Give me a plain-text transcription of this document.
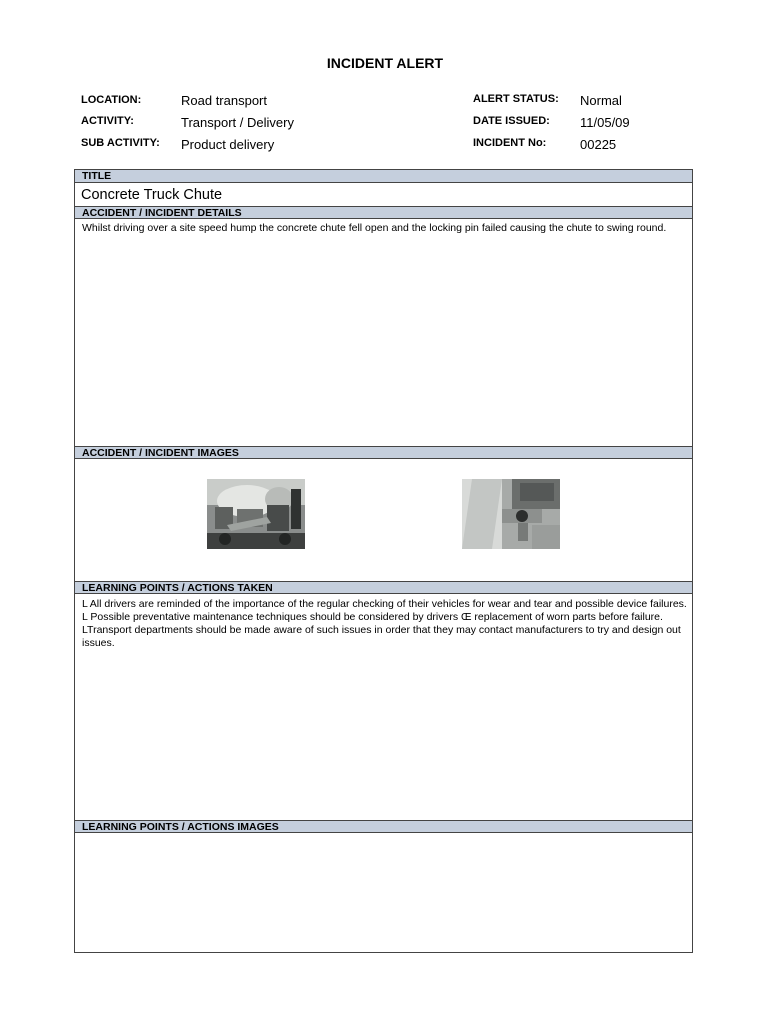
INCIDENT ALERT
LOCATION:	Road transport
ACTIVITY:	Transport / Delivery
SUB ACTIVITY: Product delivery
ALERT STATUS: Normal
DATE ISSUED: 11/05/09
INCIDENT No:	00225
TITLE
Concrete Truck Chute
ACCIDENT / INCIDENT DETAILS
Whilst driving over a site speed hump the concrete chute fell open and the locking pin failed causing the chute to swing round.
ACCIDENT / INCIDENT IMAGES
LEARNING POINTS / ACTIONS TAKEN
L All drivers are reminded of the importance of the regular checking of their vehicles for wear and tear and possible device failures.
L Possible preventative maintenance techniques should be considered by drivers Œ replacement of worn parts before failure.
LTransport departments should be made aware of such issues in order that they may contact manufacturers to try and design out issues.
LEARNING POINTS / ACTIONS IMAGES
